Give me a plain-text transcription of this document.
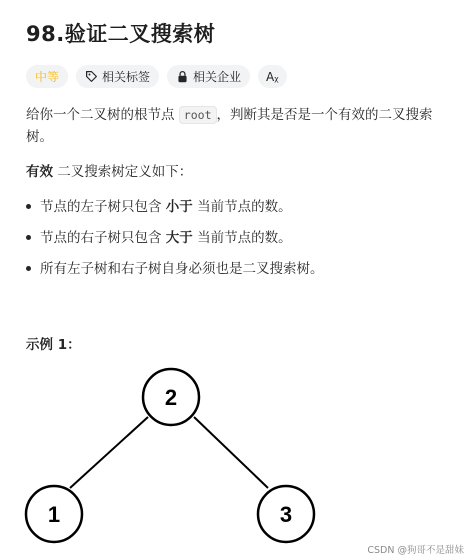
98.验证二叉搜索树
中等	相关标签	相关企业 Aᵪ
给你一个二叉树的根节点 root ，判断其是否是一个有效的二叉搜索树。
有效 二叉搜索树定义如下：
节点的左子树只包含 小于 当前节点的数。
节点的右子树只包含 大于 当前节点的数。
所有左子树和右子树自身必须也是二叉搜索树。
示例 1：
2
1	3
CSDN @狗哥不是甜妹
